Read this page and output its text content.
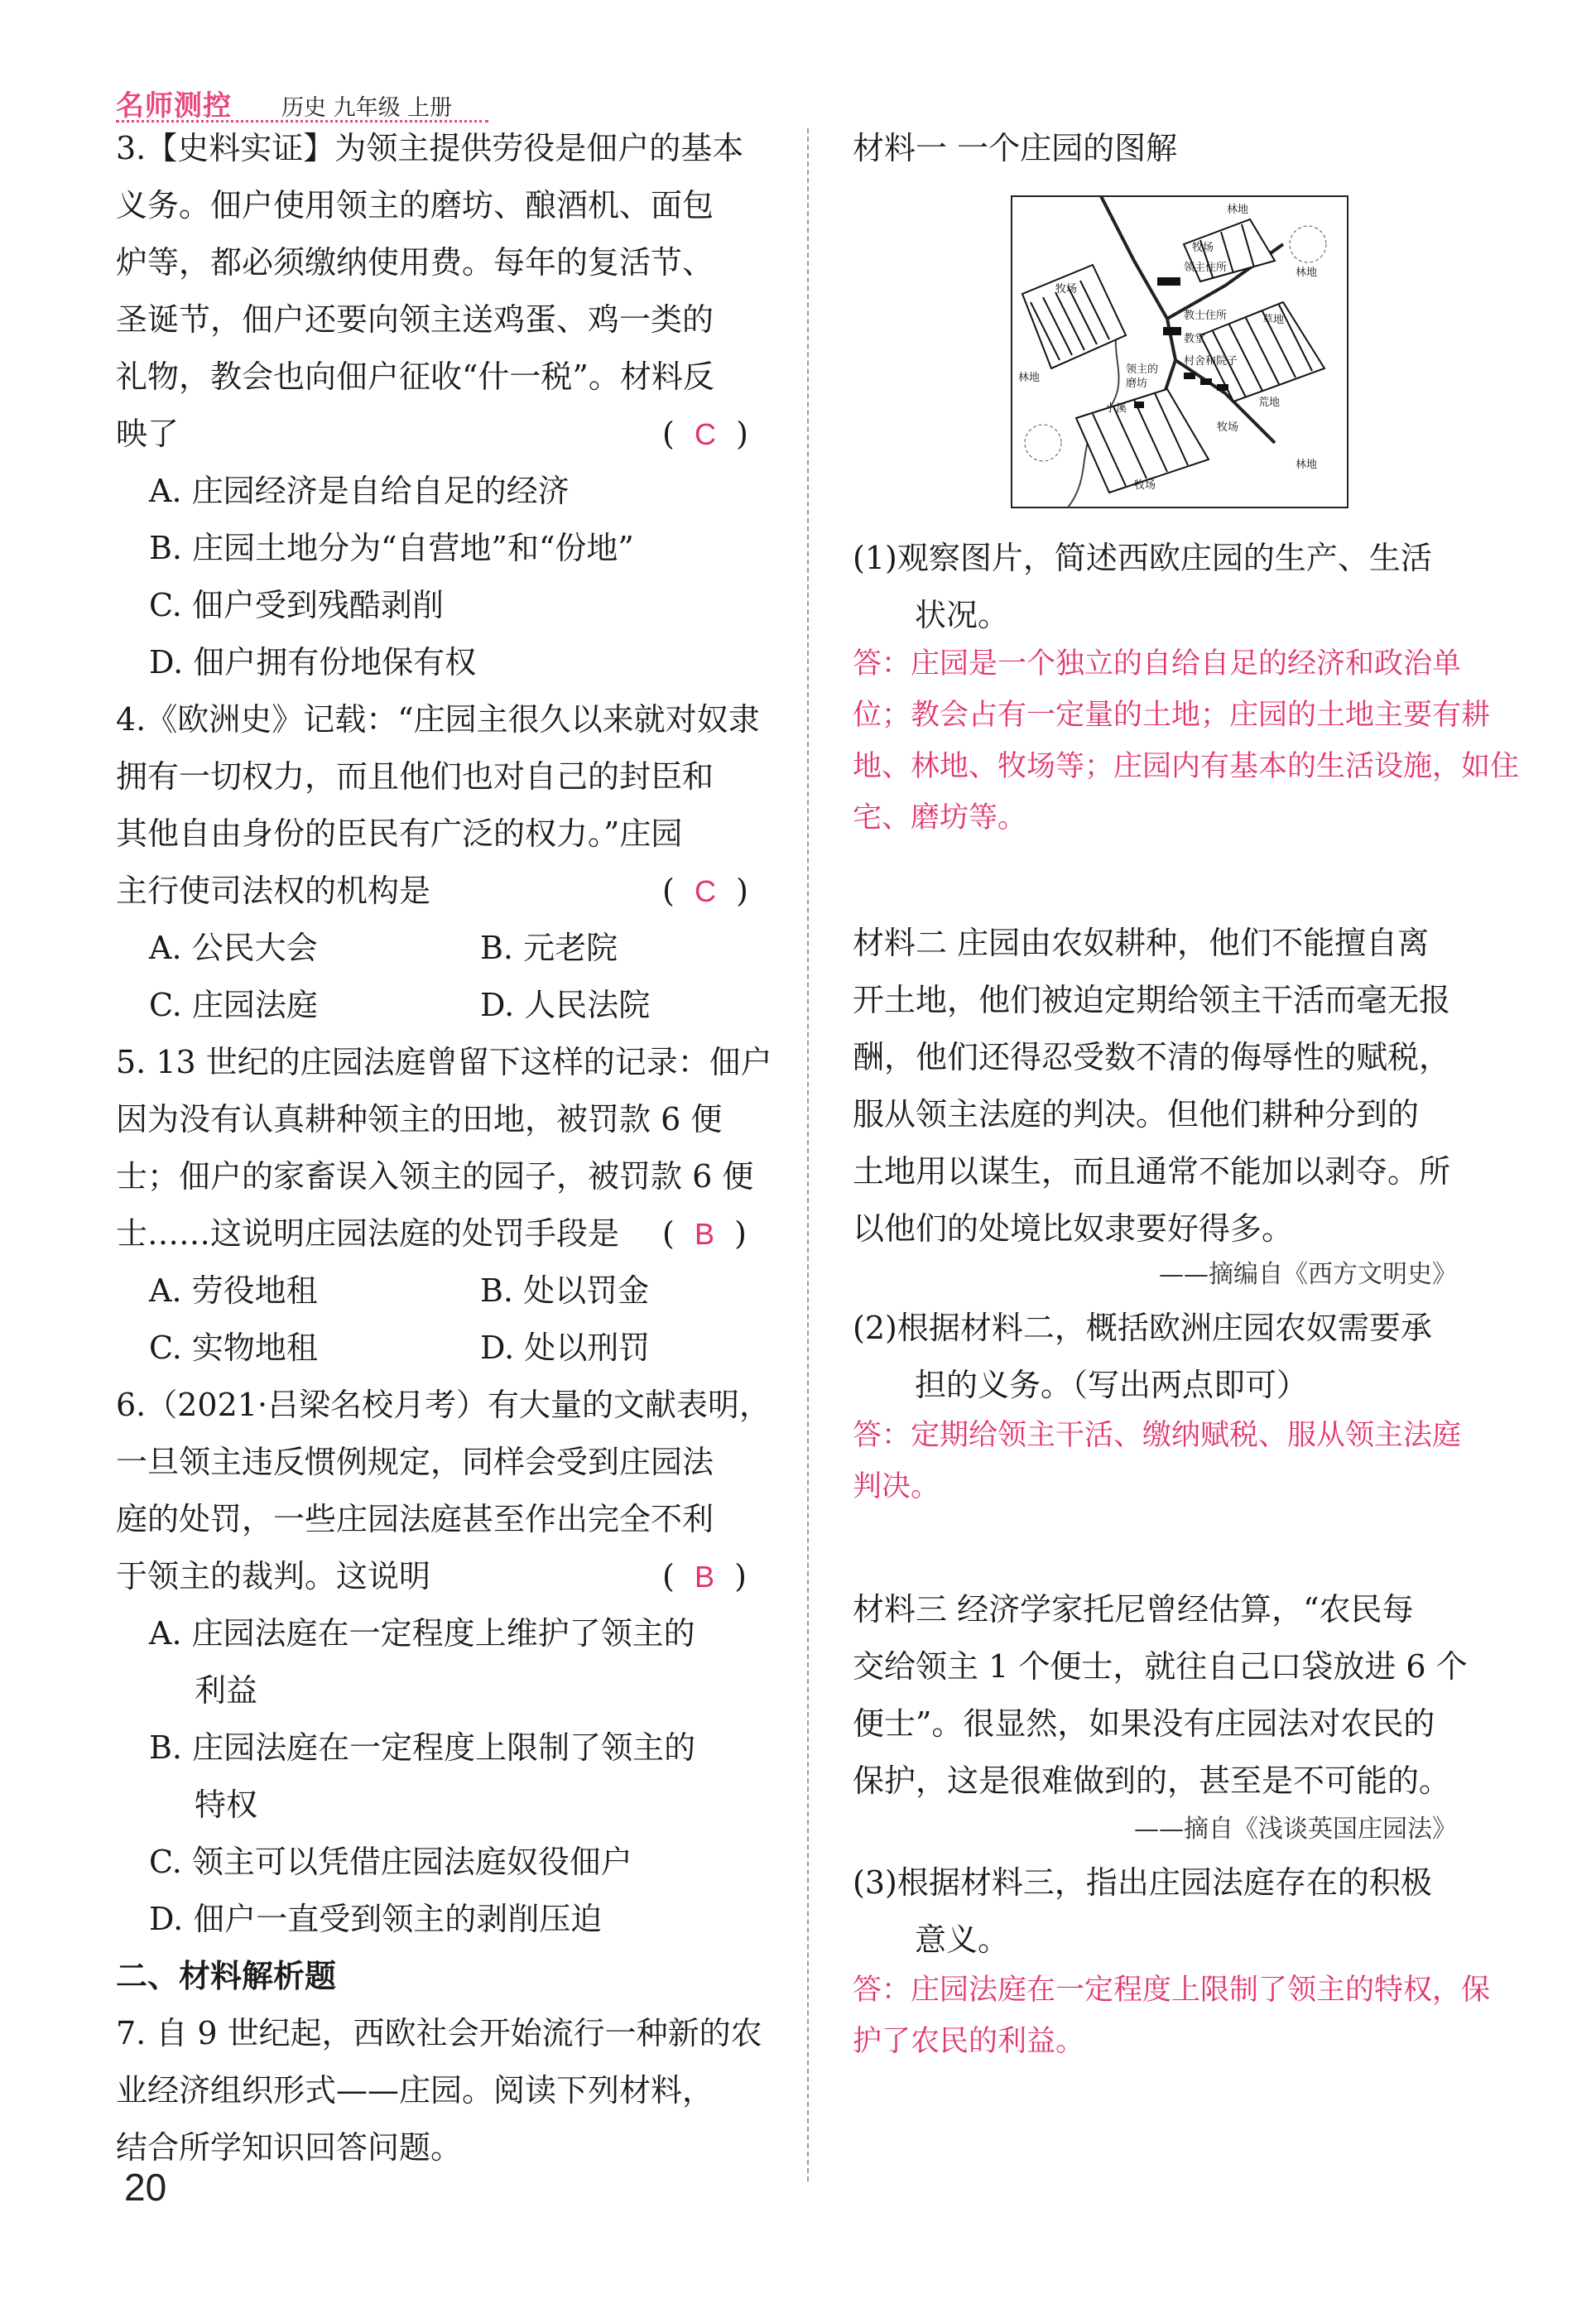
名师测控 历史 九年级 上册
3.【史料实证】为领主提供劳役是佃户的基本
义务。佃户使用领主的磨坊、酿酒机、面包
炉等，都必须缴纳使用费。每年的复活节、
圣诞节，佃户还要向领主送鸡蛋、鸡一类的
礼物，教会也向佃户征收“什一税”。材料反
映了	(  C  )
A. 庄园经济是自给自足的经济
B. 庄园土地分为“自营地”和“份地”
C. 佃户受到残酷剥削
D. 佃户拥有份地保有权
4.《欧洲史》记载：“庄园主很久以来就对奴隶
拥有一切权力，而且他们也对自己的封臣和
其他自由身份的臣民有广泛的权力。”庄园
主行使司法权的机构是	(  C  )
A. 公民大会	B. 元老院
C. 庄园法庭	D. 人民法院
5. 13 世纪的庄园法庭曾留下这样的记录：佃户
因为没有认真耕种领主的田地，被罚款 6 便
士；佃户的家畜误入领主的园子，被罚款 6 便
士……这说明庄园法庭的处罚手段是 (  B  )
A. 劳役地租	B. 处以罚金
C. 实物地租	D. 处以刑罚
6.（2021·吕梁名校月考）有大量的文献表明，
一旦领主违反惯例规定，同样会受到庄园法
庭的处罚，一些庄园法庭甚至作出完全不利
于领主的裁判。这说明	(  B  )
A. 庄园法庭在一定程度上维护了领主的
利益
B. 庄园法庭在一定程度上限制了领主的
特权
C. 领主可以凭借庄园法庭奴役佃户
D. 佃户一直受到领主的剥削压迫
二、材料解析题
7. 自 9 世纪起，西欧社会开始流行一种新的农
业经济组织形式——庄园。阅读下列材料，
结合所学知识回答问题。
20
材料一 一个庄园的图解
林地
牧场
领主住所
教士住所
教堂
草地
牧场
林地
林地	磨坊
村舍和院子
领主的
小溪
牧场
林地
牧场
荒地
(1)观察图片，简述西欧庄园的生产、生活
状况。
答：庄园是一个独立的自给自足的经济和政治单
位；教会占有一定量的土地；庄园的土地主要有耕
地、林地、牧场等；庄园内有基本的生活设施，如住
宅、磨坊等。
材料二 庄园由农奴耕种，他们不能擅自离
开土地，他们被迫定期给领主干活而毫无报
酬，他们还得忍受数不清的侮辱性的赋税，
服从领主法庭的判决。但他们耕种分到的
土地用以谋生，而且通常不能加以剥夺。所
以他们的处境比奴隶要好得多。
——摘编自《西方文明史》
(2)根据材料二，概括欧洲庄园农奴需要承
担的义务。（写出两点即可）
答：定期给领主干活、缴纳赋税、服从领主法庭
判决。
材料三 经济学家托尼曾经估算，“农民每
交给领主 1 个便士，就往自己口袋放进 6 个
便士”。很显然，如果没有庄园法对农民的
保护，这是很难做到的，甚至是不可能的。
——摘自《浅谈英国庄园法》
(3)根据材料三，指出庄园法庭存在的积极
意义。
答：庄园法庭在一定程度上限制了领主的特权，保
护了农民的利益。
